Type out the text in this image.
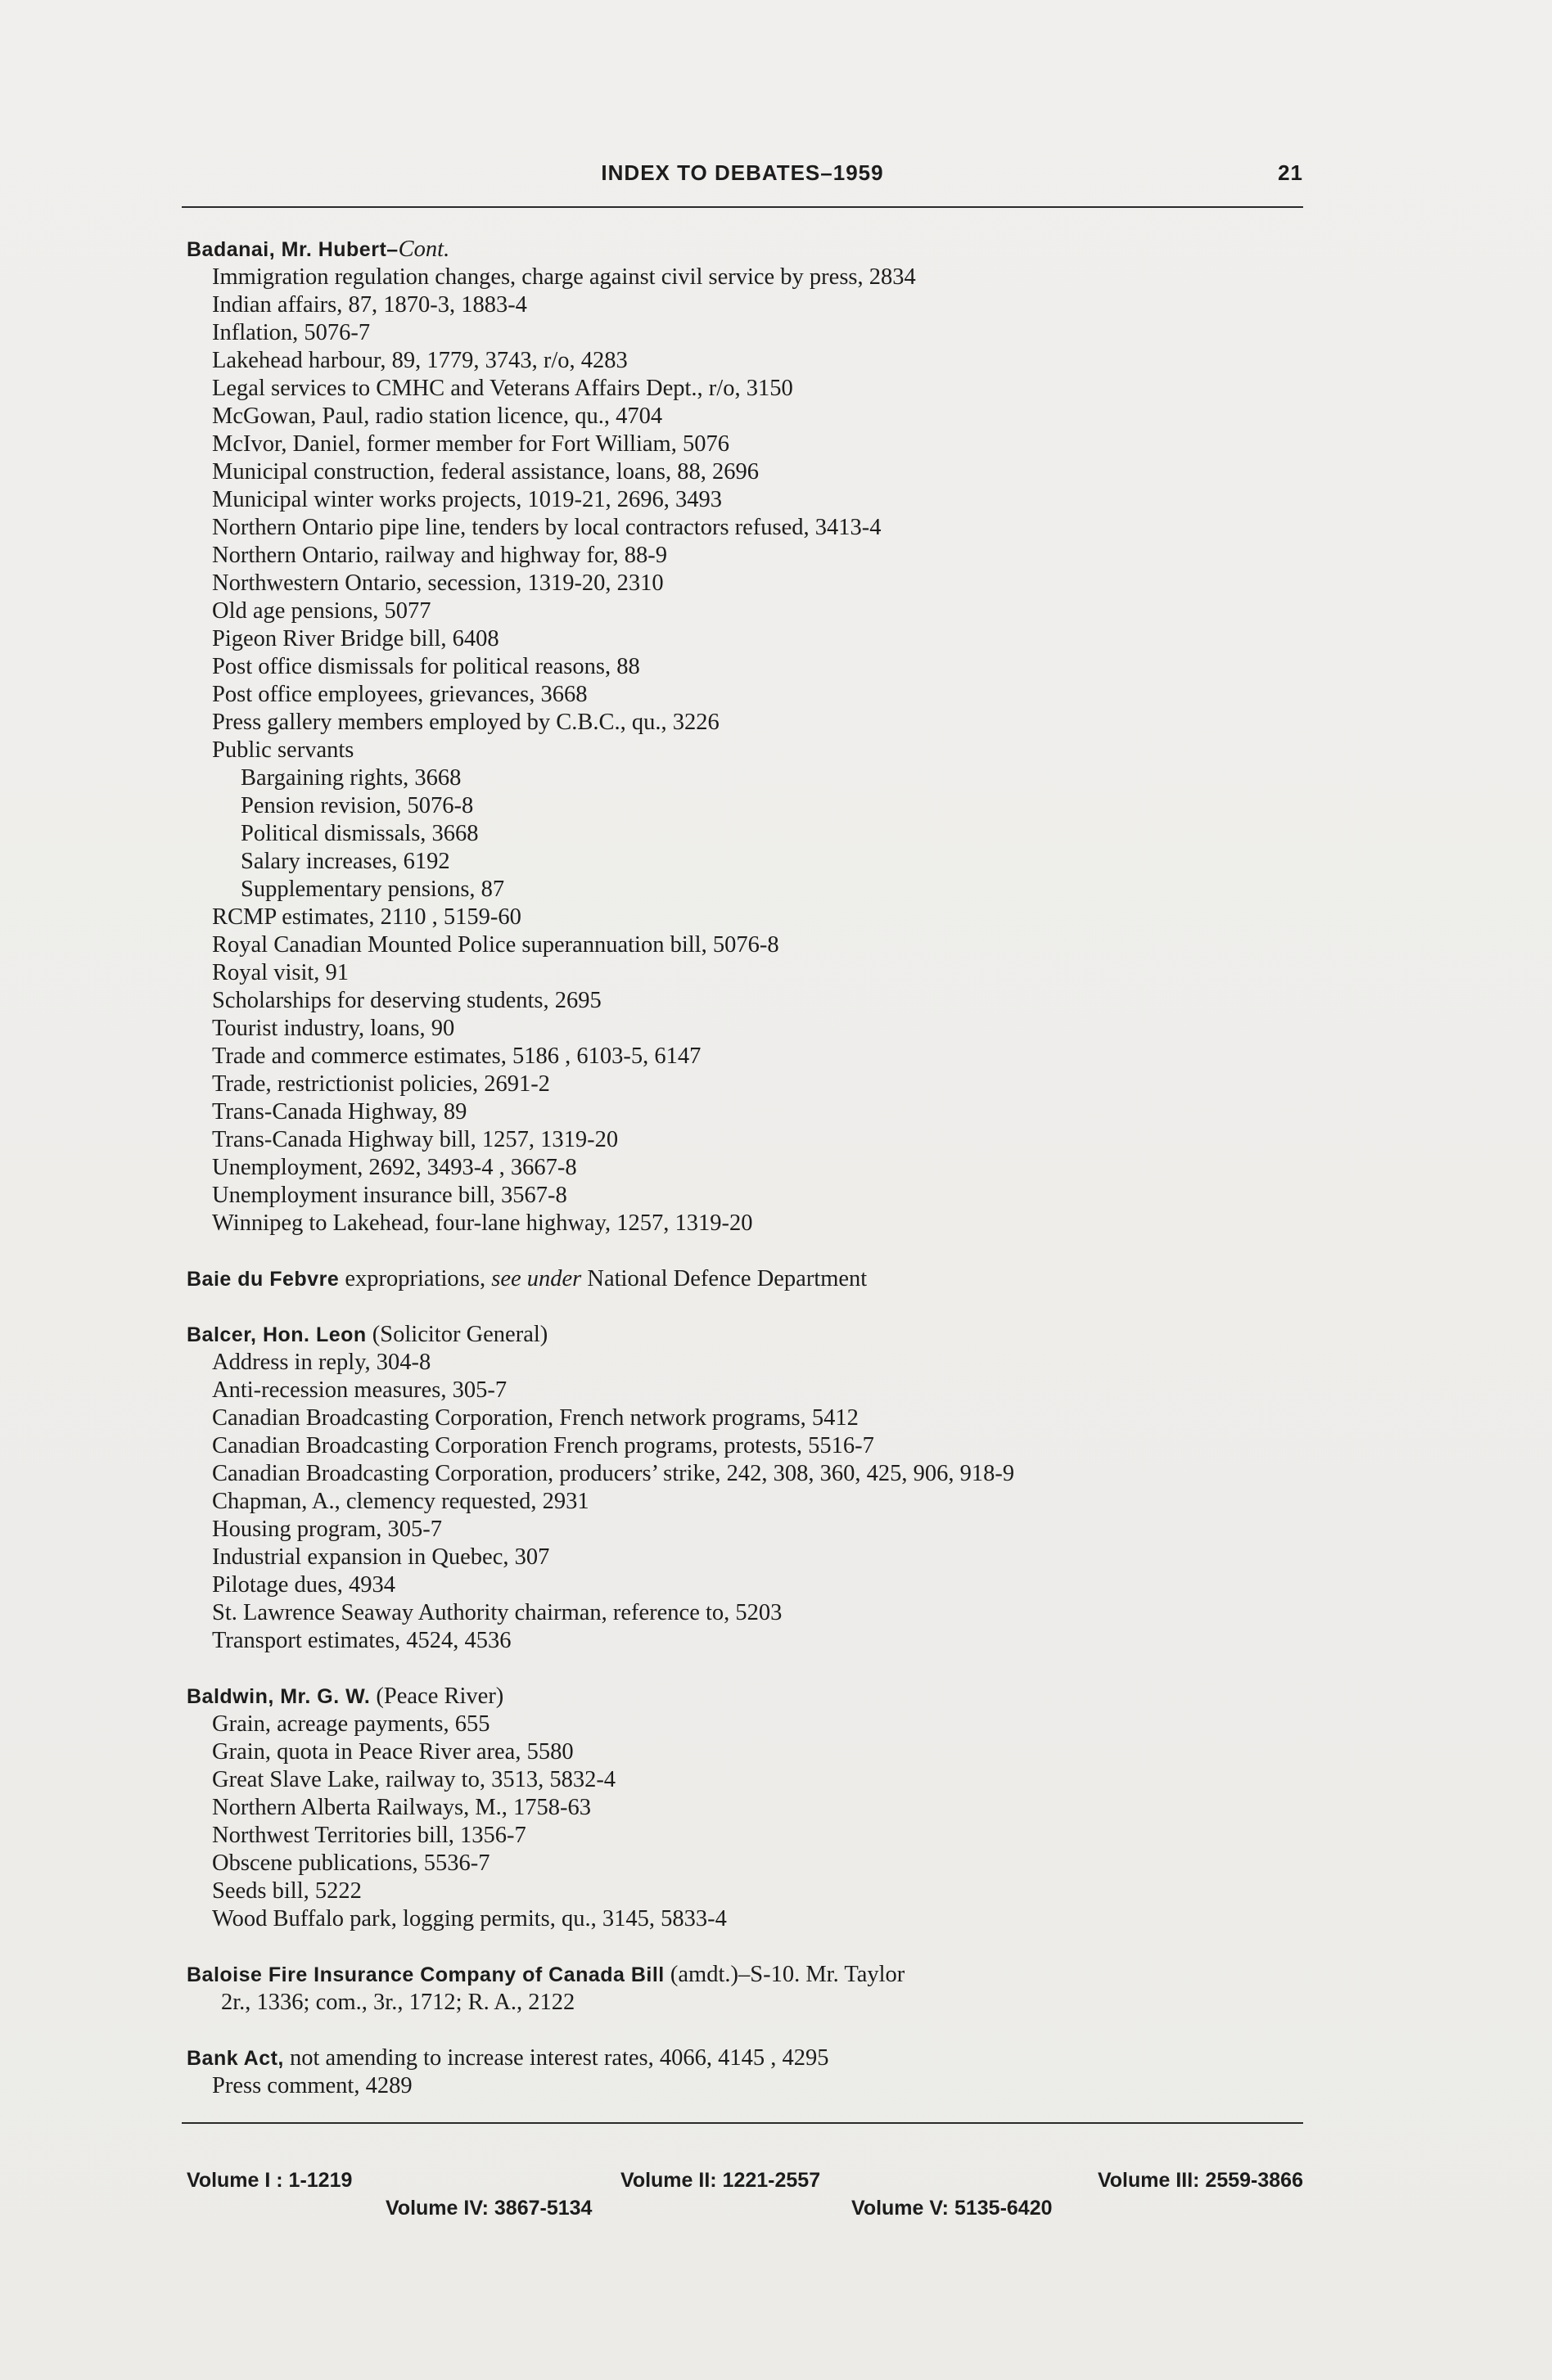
INDEX TO DEBATES–1959	21
Badanai, Mr. Hubert–Cont.
Immigration regulation changes, charge against civil service by press, 2834
Indian affairs, 87, 1870-3, 1883-4
Inflation, 5076-7
Lakehead harbour, 89, 1779, 3743, r/o, 4283
Legal services to CMHC and Veterans Affairs Dept., r/o, 3150
McGowan, Paul, radio station licence, qu., 4704
McIvor, Daniel, former member for Fort William, 5076
Municipal construction, federal assistance, loans, 88, 2696
Municipal winter works projects, 1019-21, 2696, 3493
Northern Ontario pipe line, tenders by local contractors refused, 3413-4
Northern Ontario, railway and highway for, 88-9
Northwestern Ontario, secession, 1319-20, 2310
Old age pensions, 5077
Pigeon River Bridge bill, 6408
Post office dismissals for political reasons, 88
Post office employees, grievances, 3668
Press gallery members employed by C.B.C., qu., 3226
Public servants
Bargaining rights, 3668
Pension revision, 5076-8
Political dismissals, 3668
Salary increases, 6192
Supplementary pensions, 87
RCMP estimates, 2110 , 5159-60
Royal Canadian Mounted Police superannuation bill, 5076-8
Royal visit, 91
Scholarships for deserving students, 2695
Tourist industry, loans, 90
Trade and commerce estimates, 5186 , 6103-5, 6147
Trade, restrictionist policies, 2691-2
Trans-Canada Highway, 89
Trans-Canada Highway bill, 1257, 1319-20
Unemployment, 2692, 3493-4 , 3667-8
Unemployment insurance bill, 3567-8
Winnipeg to Lakehead, four-lane highway, 1257, 1319-20
Baie du Febvre expropriations, see under National Defence Department
Balcer, Hon. Leon (Solicitor General)
Address in reply, 304-8
Anti-recession measures, 305-7
Canadian Broadcasting Corporation, French network programs, 5412
Canadian Broadcasting Corporation French programs, protests, 5516-7
Canadian Broadcasting Corporation, producers’ strike, 242, 308, 360, 425, 906, 918-9
Chapman, A., clemency requested, 2931
Housing program, 305-7
Industrial expansion in Quebec, 307
Pilotage dues, 4934
St. Lawrence Seaway Authority chairman, reference to, 5203
Transport estimates, 4524, 4536
Baldwin, Mr. G. W. (Peace River)
Grain, acreage payments, 655
Grain, quota in Peace River area, 5580
Great Slave Lake, railway to, 3513, 5832-4
Northern Alberta Railways, M., 1758-63
Northwest Territories bill, 1356-7
Obscene publications, 5536-7
Seeds bill, 5222
Wood Buffalo park, logging permits, qu., 3145, 5833-4
Baloise Fire Insurance Company of Canada Bill (amdt.)–S-10. Mr. Taylor
2r., 1336; com., 3r., 1712; R. A., 2122
Bank Act, not amending to increase interest rates, 4066, 4145 , 4295
Press comment, 4289
Volume I : 1-1219	Volume II: 1221-2557	Volume III: 2559-3866
Volume IV: 3867-5134	Volume V: 5135-6420
